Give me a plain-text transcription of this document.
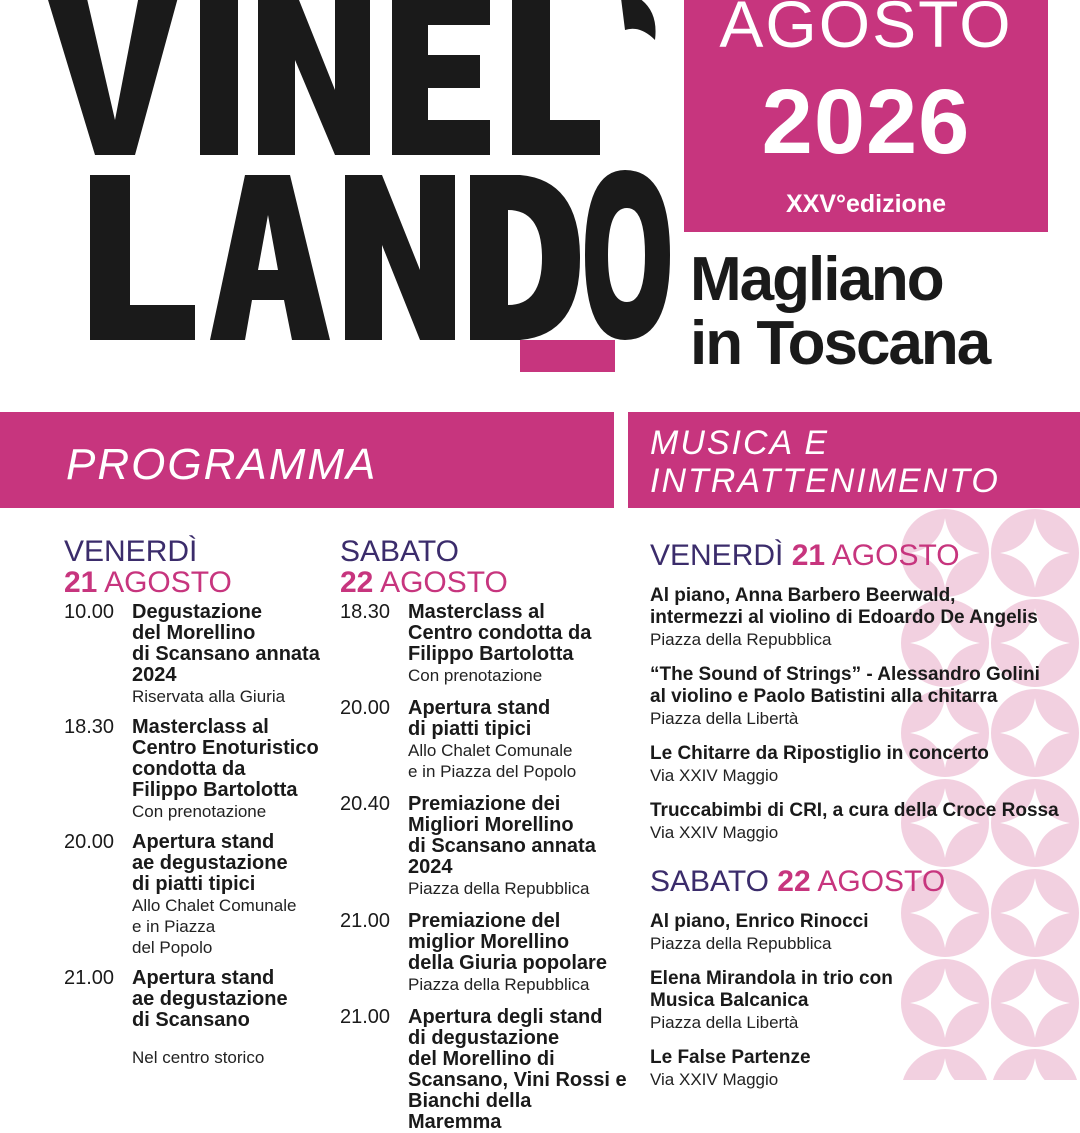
AGOSTO
2026
XXV°edizione
Magliano
in Toscana
PROGRAMMA	MUSICA E
INTRATTENIMENTO
VENERDÌ
21 AGOSTO
10.00 Degustazione
del Morellino
di Scansano annata
2024
Riservata alla Giuria
18.30 Masterclass al
Centro Enoturistico
condotta da
Filippo Bartolotta
Con prenotazione
20.00 Apertura stand
ae degustazione
di piatti tipici
Allo Chalet Comunale
e in Piazza
del Popolo
21.00 Apertura stand
ae degustazione
di Scansano
Nel centro storico
SABATO
22 AGOSTO
18.30 Masterclass al
Centro condotta da
Filippo Bartolotta
Con prenotazione
20.00 Apertura stand
di piatti tipici
Allo Chalet Comunale
e in Piazza del Popolo
20.40 Premiazione dei
Migliori Morellino
di Scansano annata 2024
Piazza della Repubblica
21.00 Premiazione del
miglior Morellino
della Giuria popolare
Piazza della Repubblica
21.00 Apertura degli stand
di degustazione
del Morellino di
Scansano, Vini Rossi e
Bianchi della Maremma
VENERDÌ 21 AGOSTO
Al piano, Anna Barbero Beerwald,
intermezzi al violino di Edoardo De Angelis
Piazza della Repubblica
“The Sound of Strings” - Alessandro Golini
al violino e Paolo Batistini alla chitarra
Piazza della Libertà
Le Chitarre da Ripostiglio in concerto
Via XXIV Maggio
Truccabimbi di CRI, a cura della Croce Rossa
Via XXIV Maggio
SABATO 22 AGOSTO
Al piano, Enrico Rinocci
Piazza della Repubblica
Elena Mirandola in trio con
Musica Balcanica
Piazza della Libertà
Le False Partenze
Via XXIV Maggio
